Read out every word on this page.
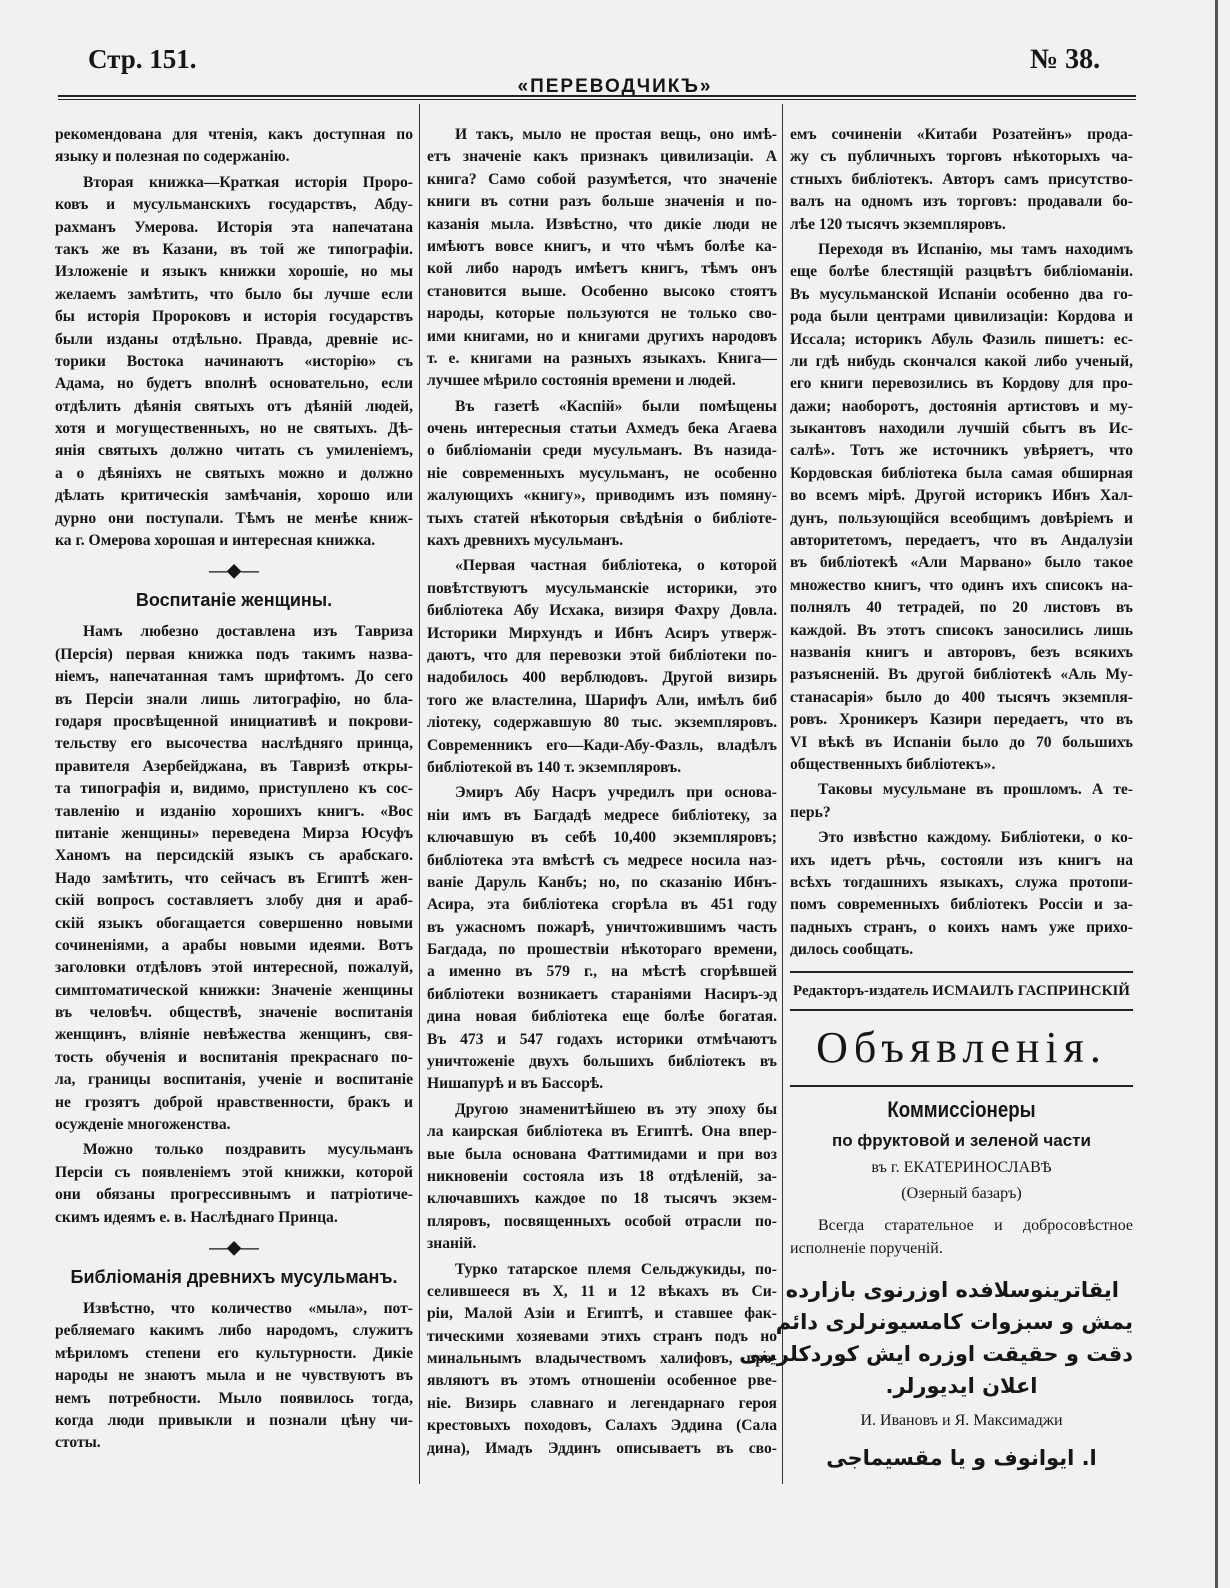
Стр. 151.
«ПЕРЕВОДЧИКЪ»
№ 38.
рекомендована для чтенія, какъ доступная по
языку и полезная по содержанію.
Вторая книжка—Краткая исторія Проро-
ковъ и мусульманскихъ государствъ, Абду-
рахманъ Умерова. Исторія эта напечатана
такъ же въ Казани, въ той же типографіи.
Изложеніе и языкъ книжки хорошіе, но мы
желаемъ замѣтить, что было бы лучше если
бы исторія Пророковъ и исторія государствъ
были изданы отдѣльно. Правда, древніе ис-
торики Востока начинаютъ «исторію» съ
Адама, но будетъ вполнѣ основательно, если
отдѣлить дѣянія святыхъ отъ дѣяній людей,
хотя и могущественныхъ, но не святыхъ. Дѣ-
янія святыхъ должно читать съ умиленіемъ,
а о дѣяніяхъ не святыхъ можно и должно
дѣлать критическія замѣчанія, хорошо или
дурно они поступали. Тѣмъ не менѣе книж-
ка г. Омерова хорошая и интересная книжка.
—◆—
Воспитаніе женщины.
Намъ любезно доставлена изъ Тавриза
(Персія) первая книжка подъ такимъ назва-
ніемъ, напечатанная тамъ шрифтомъ. До сего
въ Персіи знали лишь литографію, но бла-
годаря просвѣщенной инициативѣ и покрови-
тельству его высочества наслѣдняго принца,
правителя Азербейджана, въ Тавризѣ откры-
та типографія и, видимо, приступлено къ сос-
тавленію и изданію хорошихъ книгъ. «Вос
питаніе женщины» переведена Мирза Юсуфъ
Ханомъ на персидскій языкъ съ арабскаго.
Надо замѣтить, что сейчасъ въ Египтѣ жен-
скій вопросъ составляетъ злобу дня и араб-
скій языкъ обогащается совершенно новыми
сочиненіями, а арабы новыми идеями. Вотъ
заголовки отдѣловъ этой интересной, пожалуй,
симптоматической книжки: Значеніе женщины
въ человѣч. обществѣ, значеніе воспитанія
женщинъ, вліяніе невѣжества женщинъ, свя-
тость обученія и воспитанія прекраснаго по-
ла, границы воспитанія, ученіе и воспитаніе
не грозятъ доброй нравственности, бракъ и
осужденіе многоженства.
Можно только поздравить мусульманъ
Персіи съ появленіемъ этой книжки, которой
они обязаны прогрессивнымъ и патріотиче-
скимъ идеямъ е. в. Наслѣднаго Принца.
—◆—
Библіоманія древнихъ мусульманъ.
Извѣстно, что количество «мыла», пот-
ребляемаго какимъ либо народомъ, служитъ
мѣриломъ степени его культурности. Дикіе
народы не знаютъ мыла и не чувствуютъ въ
немъ потребности. Мыло появилось тогда,
когда люди привыкли и познали цѣну чи-
стоты.
И такъ, мыло не простая вещь, оно имѣ-
етъ значеніе какъ признакъ цивилизаціи. А
книга? Само собой разумѣется, что значеніе
книги въ сотни разъ больше значенія и по-
казанія мыла. Извѣстно, что дикіе люди не
имѣютъ вовсе книгъ, и что чѣмъ болѣе ка-
кой либо народъ имѣетъ книгъ, тѣмъ онъ
становится выше. Особенно высоко стоятъ
народы, которые пользуются не только сво-
ими книгами, но и книгами другихъ народовъ
т. е. книгами на разныхъ языкахъ. Книга—
лучшее мѣрило состоянія времени и людей.
Въ газетѣ «Каспій» были помѣщены
очень интересныя статьи Ахмедъ бека Агаева
о библіоманіи среди мусульманъ. Въ назида-
ніе современныхъ мусульманъ, не особенно
жалующихъ «книгу», приводимъ изъ помяну-
тыхъ статей нѣкоторыя свѣдѣнія о библіоте-
кахъ древнихъ мусульманъ.
«Первая частная библіотека, о которой
повѣтствуютъ мусульманскіе историки, это
библіотека Абу Исхака, визиря Фахру Довла.
Историки Мирхундъ и Ибнъ Асиръ утверж-
даютъ, что для перевозки этой библіотеки по-
надобилось 400 верблюдовъ. Другой визирь
того же властелина, Шарифъ Али, имѣлъ биб
ліотеку, содержавшую 80 тыс. экземпляровъ.
Современникъ его—Кади-Абу-Фазль, владѣлъ
библіотекой въ 140 т. экземпляровъ.
Эмиръ Абу Насръ учредилъ при основа-
ніи имъ въ Багдадѣ медресе библіотеку, за
ключавшую въ себѣ 10,400 экземпляровъ;
библіотека эта вмѣстѣ съ медресе носила наз-
ваніе Даруль Канбъ; но, по сказанію Ибнъ-
Асира, эта библіотека сгорѣла въ 451 году
въ ужасномъ пожарѣ, уничтожившимъ часть
Багдада, по прошествіи нѣкотораго времени,
а именно въ 579 г., на мѣстѣ сгорѣвшей
библіотеки возникаетъ стараніями Насиръ-эд
дина новая библіотека еще болѣе богатая.
Въ 473 и 547 годахъ историки отмѣчаютъ
уничтоженіе двухъ большихъ библіотекъ въ
Нишапурѣ и въ Бассорѣ.
Другою знаменитѣйшею въ эту эпоху бы
ла каирская библіотека въ Египтѣ. Она впер-
вые была основана Фаттимидами и при воз
никновеніи состояла изъ 18 отдѣленій, за-
ключавшихъ каждое по 18 тысячъ экзем-
пляровъ, посвященныхъ особой отрасли по-
знаній.
Турко татарское племя Сельджукиды, по-
селившееся въ X, 11 и 12 вѣкахъ въ Си-
ріи, Малой Азіи и Египтѣ, и ставшее фак-
тическими хозяевами этихъ странъ подъ но
минальнымъ владычествомъ халифовъ, про-
являютъ въ этомъ отношеніи особенное рве-
ніе. Визирь славнаго и легендарнаго героя
крестовыхъ походовъ, Салахъ Эддина (Сала
дина), Имадъ Эддинъ описываетъ въ сво-
емъ сочиненіи «Китаби Розатейнъ» прода-
жу съ публичныхъ торговъ нѣкоторыхъ ча-
стныхъ библіотекъ. Авторъ самъ присутство-
валъ на одномъ изъ торговъ: продавали бо-
лѣе 120 тысячъ экземпляровъ.
Переходя въ Испанію, мы тамъ находимъ
еще болѣе блестящій разцвѣтъ библіоманіи.
Въ мусульманской Испаніи особенно два го-
рода были центрами цивилизаціи: Кордова и
Иcсала; историкъ Абуль Фазиль пишетъ: ес-
ли гдѣ нибудь скончался какой либо ученый,
его книги перевозились въ Кордову для про-
дажи; наоборотъ, достоянія артистовъ и му-
зыкантовъ находили лучшій сбытъ въ Ис-
салѣ». Тотъ же источникъ увѣряетъ, что
Кордовская библіотека была самая обширная
во всемъ мірѣ. Другой историкъ Ибнъ Хал-
дунъ, пользующійся всеобщимъ довѣріемъ и
авторитетомъ, передаетъ, что въ Андалузіи
въ библіотекѣ «Али Марвано» было такое
множество книгъ, что одинъ ихъ списокъ на-
полнялъ 40 тетрадей, по 20 листовъ въ
каждой. Въ этотъ списокъ заносились лишь
названія книгъ и авторовъ, безъ всякихъ
разъясненій. Въ другой библіотекѣ «Аль Му-
станасарія» было до 400 тысячъ экземпля-
ровъ. Хроникеръ Казири передаетъ, что въ
VI вѣкѣ въ Испаніи было до 70 большихъ
общественныхъ библіотекъ».
Таковы мусульмане въ прошломъ. А те-
перь?
Это извѣстно каждому. Библіотеки, о ко-
ихъ идетъ рѣчь, состояли изъ книгъ на
всѣхъ тогдашнихъ языкахъ, служа протопи-
помъ современныхъ библіотекъ Россіи и за-
падныхъ странъ, о коихъ намъ уже прихо-
дилось сообщать.
Редакторъ-издатель ИСМАИЛЪ ГАСПРИНСКІЙ
Объявленія.
Коммиссіонеры
по фруктовой и зеленой части
въ г. ЕКАТЕРИНОСЛАВѢ
(Озерный базаръ)
Всегда старательное и добросовѣстное
исполненіе порученій.
ایقاترینوسلافده اوزرنوی بازارده
یمش و سبزوات کامسیونرلری دائم
دقت و حقیقت اوزره ایش کوردکلرینی
اعلان ایدیورلر.
И. Ивановъ и Я. Максимаджи
ا. ایوانوف و یا مقسیماجی
